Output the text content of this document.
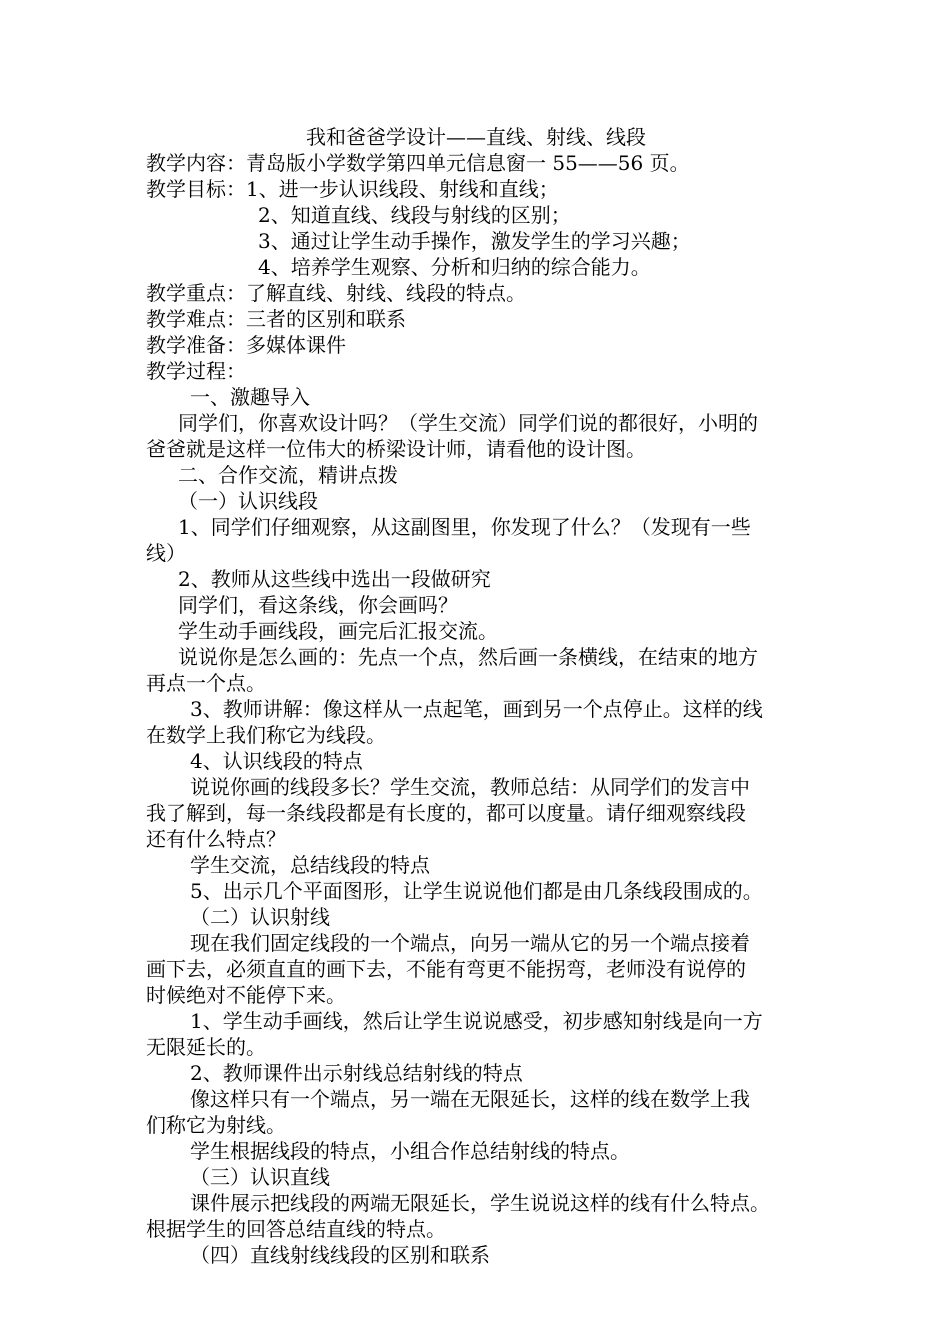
我和爸爸学设计——直线、射线、线段
教学内容：青岛版小学数学第四单元信息窗一 55——56 页。
教学目标：1、进一步认识线段、射线和直线；
2、知道直线、线段与射线的区别；
3、通过让学生动手操作，激发学生的学习兴趣；
4、培养学生观察、分析和归纳的综合能力。
教学重点：了解直线、射线、线段的特点。
教学难点：三者的区别和联系
教学准备：多媒体课件
教学过程：
一、激趣导入
同学们，你喜欢设计吗？（学生交流）同学们说的都很好，小明的
爸爸就是这样一位伟大的桥梁设计师，请看他的设计图。
二、合作交流，精讲点拨
（一）认识线段
1、同学们仔细观察，从这副图里，你发现了什么？（发现有一些
线）
2、教师从这些线中选出一段做研究
同学们，看这条线，你会画吗？
学生动手画线段，画完后汇报交流。
说说你是怎么画的：先点一个点，然后画一条横线，在结束的地方
再点一个点。
3、教师讲解：像这样从一点起笔，画到另一个点停止。这样的线
在数学上我们称它为线段。
4、认识线段的特点
说说你画的线段多长？学生交流，教师总结：从同学们的发言中
我了解到，每一条线段都是有长度的，都可以度量。请仔细观察线段
还有什么特点？
学生交流，总结线段的特点
5、出示几个平面图形，让学生说说他们都是由几条线段围成的。
（二）认识射线
现在我们固定线段的一个端点，向另一端从它的另一个端点接着
画下去，必须直直的画下去，不能有弯更不能拐弯，老师没有说停的
时候绝对不能停下来。
1、学生动手画线，然后让学生说说感受，初步感知射线是向一方
无限延长的。
2、教师课件出示射线总结射线的特点
像这样只有一个端点，另一端在无限延长，这样的线在数学上我
们称它为射线。
学生根据线段的特点，小组合作总结射线的特点。
（三）认识直线
课件展示把线段的两端无限延长，学生说说这样的线有什么特点。
根据学生的回答总结直线的特点。
（四）直线射线线段的区别和联系
